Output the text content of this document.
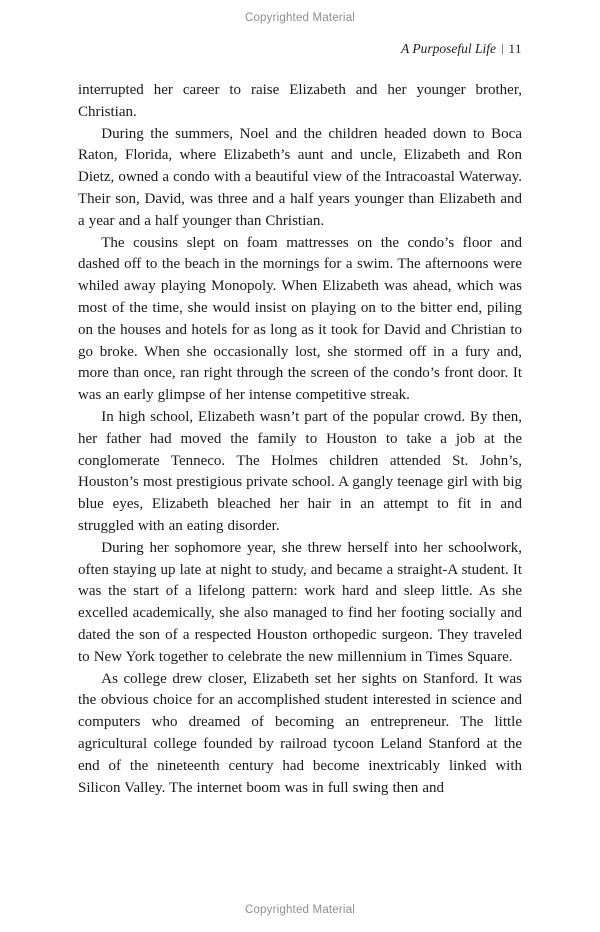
Copyrighted Material
A Purposeful Life | 11

interrupted her career to raise Elizabeth and her younger brother, Christian.

During the summers, Noel and the children headed down to Boca Raton, Florida, where Elizabeth’s aunt and uncle, Elizabeth and Ron Dietz, owned a condo with a beautiful view of the Intracoastal Waterway. Their son, David, was three and a half years younger than Elizabeth and a year and a half younger than Christian.

The cousins slept on foam mattresses on the condo’s floor and dashed off to the beach in the mornings for a swim. The afternoons were whiled away playing Monopoly. When Elizabeth was ahead, which was most of the time, she would insist on playing on to the bitter end, piling on the houses and hotels for as long as it took for David and Christian to go broke. When she occasionally lost, she stormed off in a fury and, more than once, ran right through the screen of the condo’s front door. It was an early glimpse of her intense competitive streak.

In high school, Elizabeth wasn’t part of the popular crowd. By then, her father had moved the family to Houston to take a job at the conglomerate Tenneco. The Holmes children attended St. John’s, Houston’s most prestigious private school. A gangly teenage girl with big blue eyes, Elizabeth bleached her hair in an attempt to fit in and struggled with an eating disorder.

During her sophomore year, she threw herself into her schoolwork, often staying up late at night to study, and became a straight-A student. It was the start of a lifelong pattern: work hard and sleep little. As she excelled academically, she also managed to find her footing socially and dated the son of a respected Houston orthopedic surgeon. They traveled to New York together to celebrate the new millennium in Times Square.

As college drew closer, Elizabeth set her sights on Stanford. It was the obvious choice for an accomplished student interested in science and computers who dreamed of becoming an entrepreneur. The little agricultural college founded by railroad tycoon Leland Stanford at the end of the nineteenth century had become inextricably linked with Silicon Valley. The internet boom was in full swing then and

Copyrighted Material
